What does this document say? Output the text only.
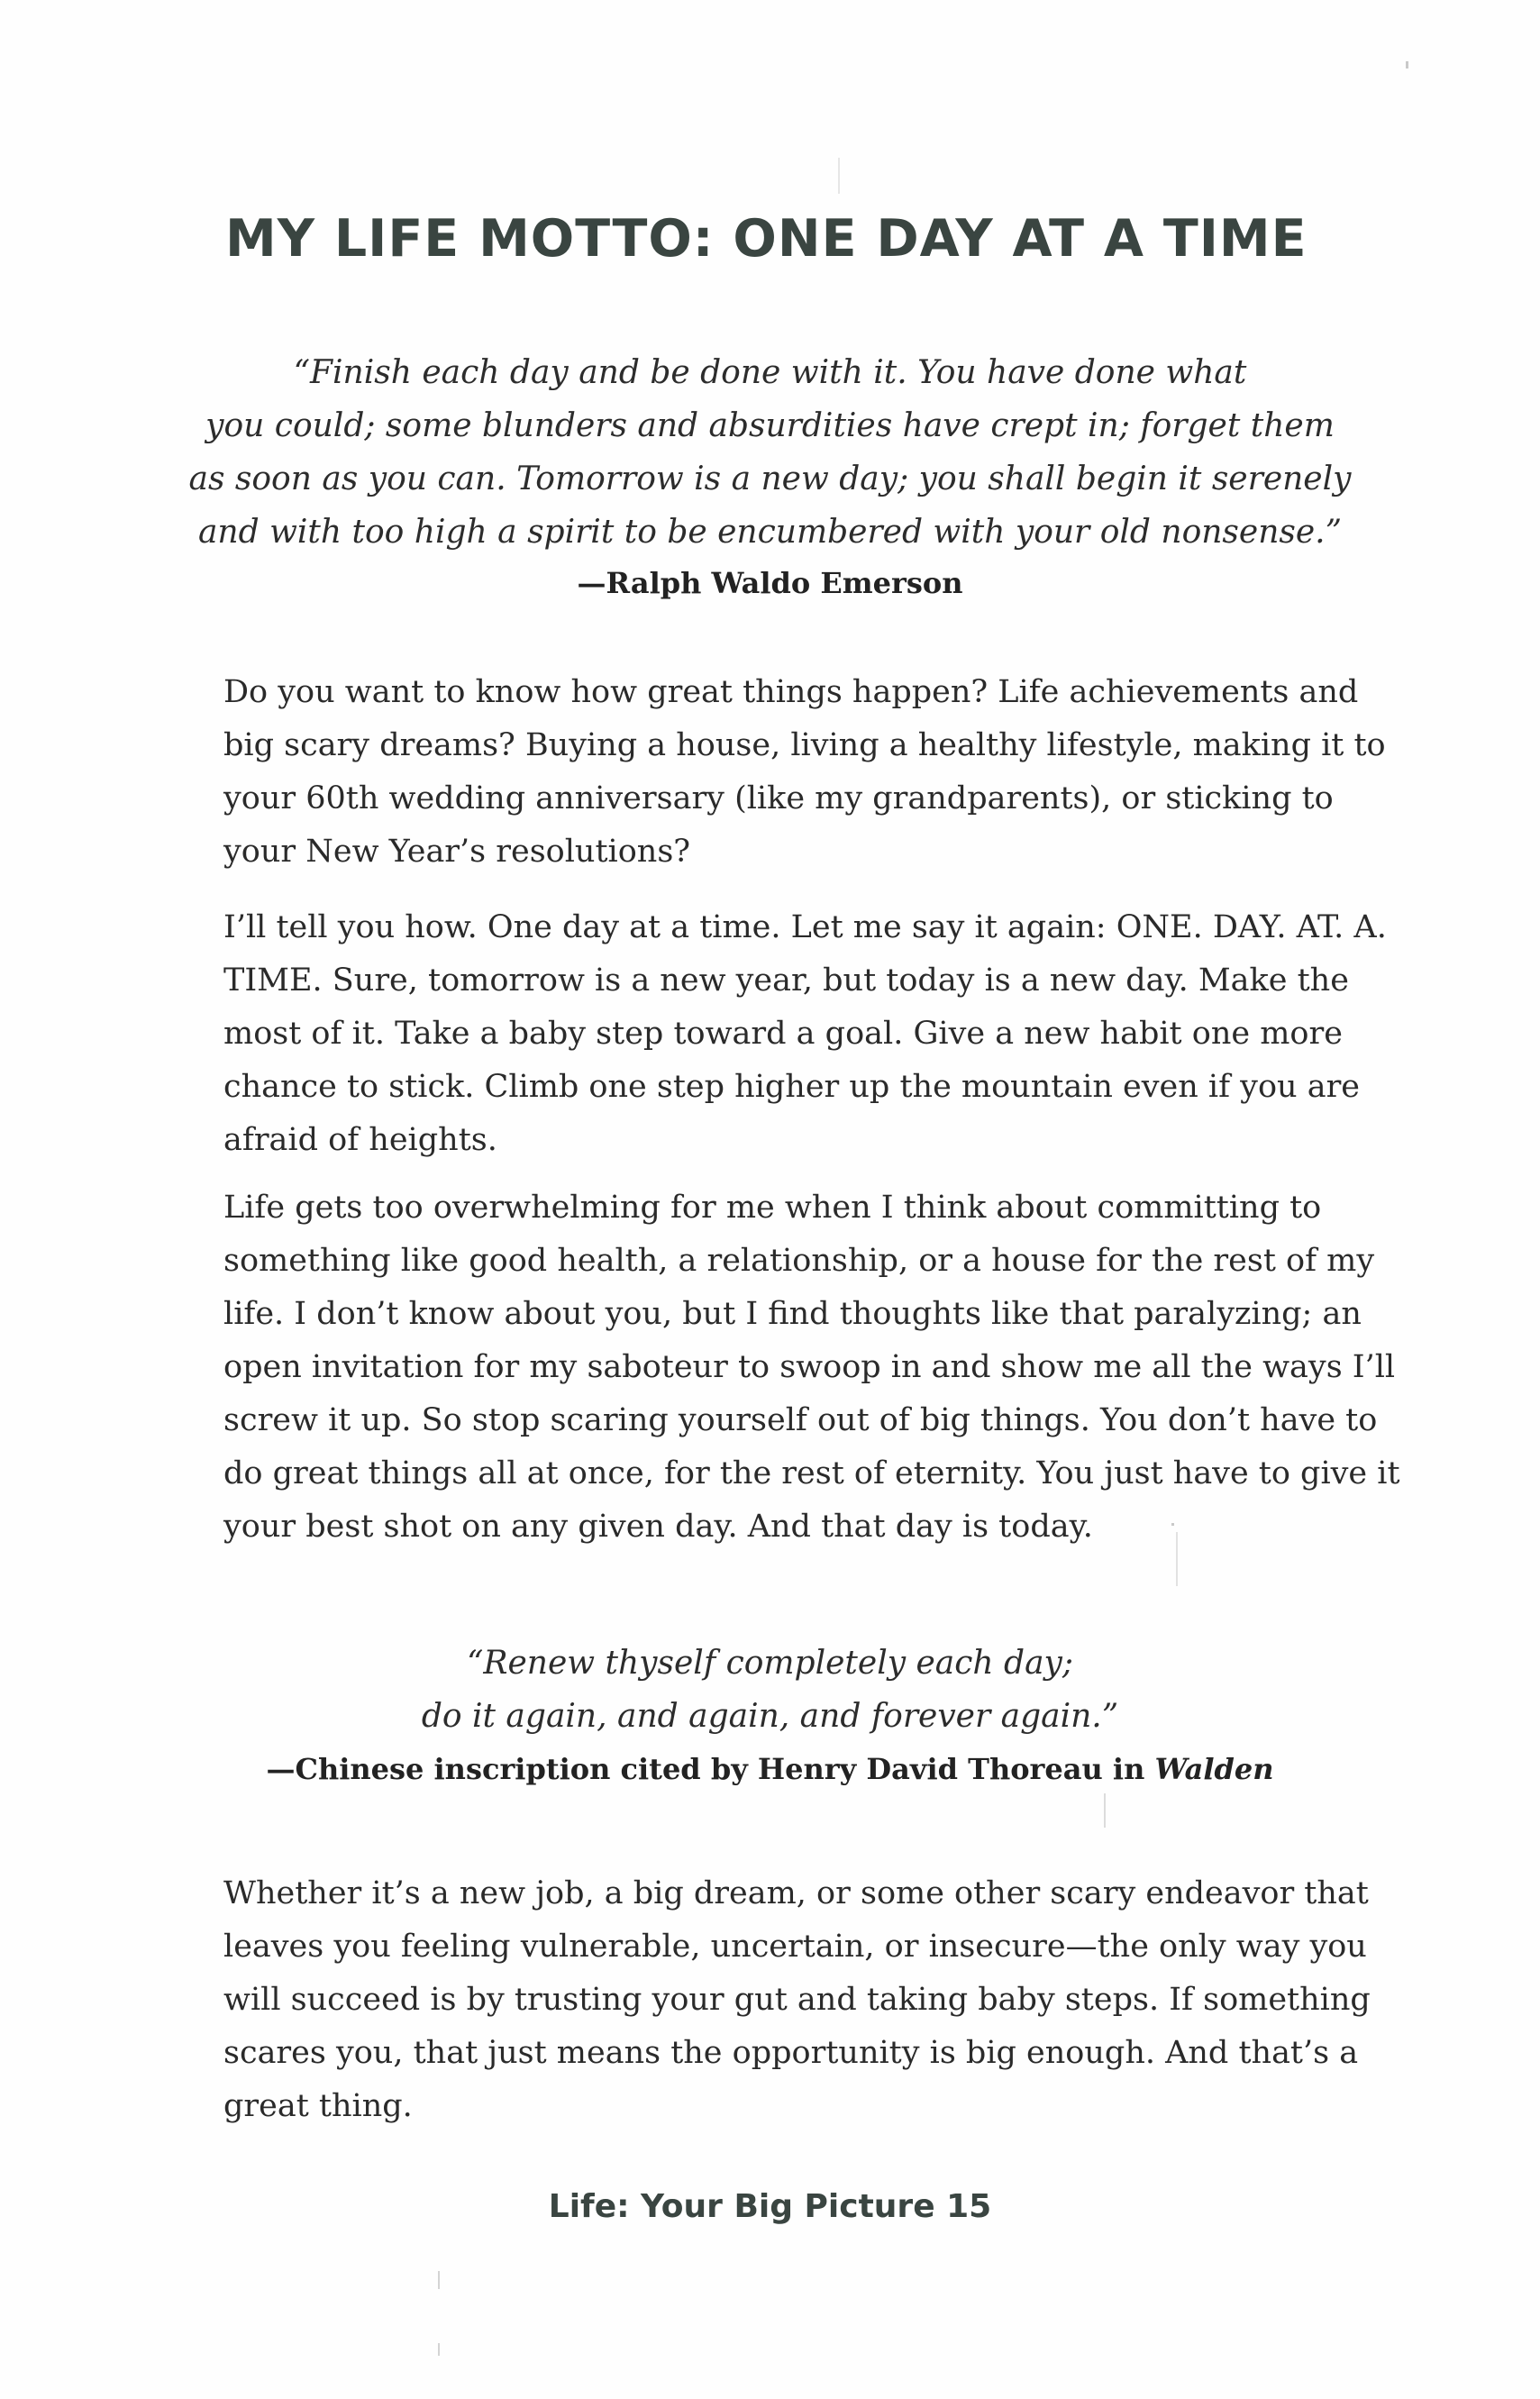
MY LIFE MOTTO: ONE DAY AT A TIME

“Finish each day and be done with it. You have done what
you could; some blunders and absurdities have crept in; forget them
as soon as you can. Tomorrow is a new day; you shall begin it serenely
and with too high a spirit to be encumbered with your old nonsense.”

—Ralph Waldo Emerson

Do you want to know how great things happen? Life achievements and
big scary dreams? Buying a house, living a healthy lifestyle, making it to
your 60th wedding anniversary (like my grandparents), or sticking to
your New Year’s resolutions?

I’ll tell you how. One day at a time. Let me say it again: ONE. DAY. AT. A.
TIME. Sure, tomorrow is a new year, but today is a new day. Make the
most of it. Take a baby step toward a goal. Give a new habit one more
chance to stick. Climb one step higher up the mountain even if you are
afraid of heights.

Life gets too overwhelming for me when I think about committing to
something like good health, a relationship, or a house for the rest of my
life. I don’t know about you, but I find thoughts like that paralyzing; an
open invitation for my saboteur to swoop in and show me all the ways I’ll
screw it up. So stop scaring yourself out of big things. You don’t have to
do great things all at once, for the rest of eternity. You just have to give it
your best shot on any given day. And that day is today.

“Renew thyself completely each day;
do it again, and again, and forever again.”

—Chinese inscription cited by Henry David Thoreau in Walden

Whether it’s a new job, a big dream, or some other scary endeavor that
leaves you feeling vulnerable, uncertain, or insecure—the only way you
will succeed is by trusting your gut and taking baby steps. If something
scares you, that just means the opportunity is big enough. And that’s a
great thing.

Life: Your Big Picture 15
